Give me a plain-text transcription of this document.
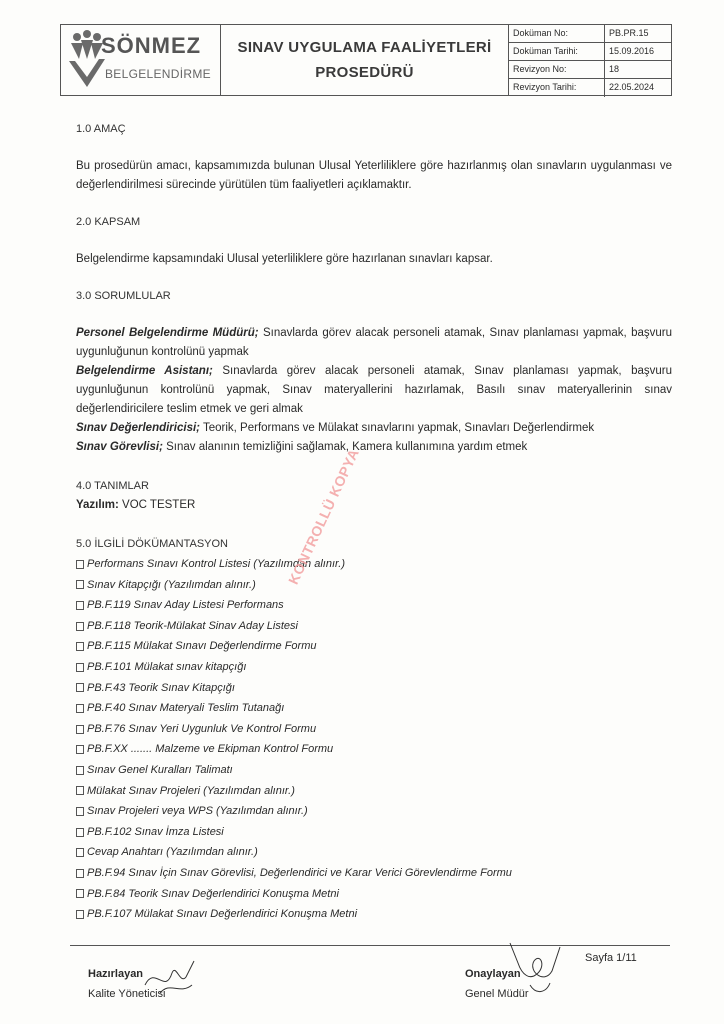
SÖNMEZ
BELGELENDİRME
SINAV UYGULAMA FAALİYETLERİ
PROSEDÜRÜ
Doküman No:	PB.PR.15
Doküman Tarihi:	15.09.2016
Revizyon No:	18
Revizyon Tarihi:	22.05.2024
1.0 AMAÇ
Bu prosedürün amacı, kapsamımızda bulunan Ulusal Yeterliliklere göre hazırlanmış olan sınavların uygulanması ve değerlendirilmesi sürecinde yürütülen tüm faaliyetleri açıklamaktır.
2.0 KAPSAM
Belgelendirme kapsamındaki Ulusal yeterliliklere göre hazırlanan sınavları kapsar.
3.0 SORUMLULAR
Personel Belgelendirme Müdürü; Sınavlarda görev alacak personeli atamak, Sınav planlaması yapmak, başvuru uygunluğunun kontrolünü yapmak
Belgelendirme Asistanı; Sınavlarda görev alacak personeli atamak, Sınav planlaması yapmak, başvuru uygunluğunun kontrolünü yapmak, Sınav materyallerini hazırlamak, Basılı sınav materyallerinin sınav değerlendiricilere teslim etmek ve geri almak
Sınav Değerlendiricisi; Teorik, Performans ve Mülakat sınavlarını yapmak, Sınavları Değerlendirmek
Sınav Görevlisi; Sınav alanının temizliğini sağlamak, Kamera kullanımına yardım etmek
4.0 TANIMLAR
Yazılım: VOC TESTER
5.0 İLGİLİ DÖKÜMANTASYON
Performans Sınavı Kontrol Listesi (Yazılımdan alınır.)
Sınav Kitapçığı (Yazılımdan alınır.)
PB.F.119 Sınav Aday Listesi Performans
PB.F.118 Teorik-Mülakat Sinav Aday Listesi
PB.F.115 Mülakat Sınavı Değerlendirme Formu
PB.F.101 Mülakat sınav kitapçığı
PB.F.43 Teorik Sınav Kitapçığı
PB.F.40 Sınav Materyali Teslim Tutanağı
PB.F.76 Sınav Yeri Uygunluk Ve Kontrol Formu
PB.F.XX ....... Malzeme ve Ekipman Kontrol Formu
Sınav Genel Kuralları Talimatı
Mülakat Sınav Projeleri (Yazılımdan alınır.)
Sınav Projeleri veya WPS (Yazılımdan alınır.)
PB.F.102 Sınav İmza Listesi
Cevap Anahtarı (Yazılımdan alınır.)
PB.F.94 Sınav İçin Sınav Görevlisi, Değerlendirici ve Karar Verici Görevlendirme Formu
PB.F.84 Teorik Sınav Değerlendirici Konuşma Metni
PB.F.107 Mülakat Sınavı Değerlendirici Konuşma Metni
KONTROLLÜ KOPYA
Hazırlayan
Kalite Yöneticisi
Onaylayan
Genel Müdür
Sayfa 1/11
